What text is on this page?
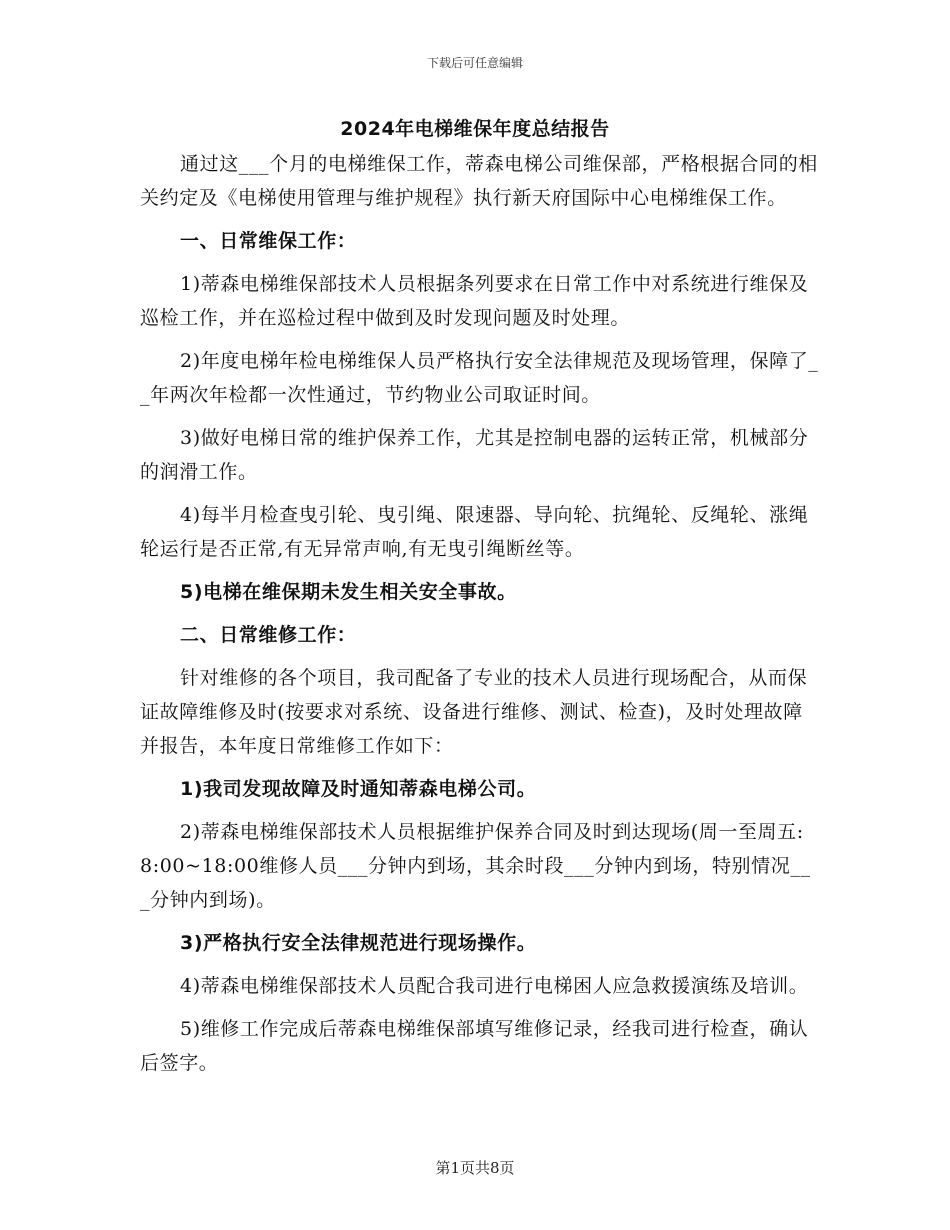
下载后可任意编辑
2024年电梯维保年度总结报告

通过这___个月的电梯维保工作，蒂森电梯公司维保部，严格根据合同的相关约定及《电梯使用管理与维护规程》执行新天府国际中心电梯维保工作。

一、日常维保工作：

1)蒂森电梯维保部技术人员根据条列要求在日常工作中对系统进行维保及巡检工作，并在巡检过程中做到及时发现问题及时处理。

2)年度电梯年检电梯维保人员严格执行安全法律规范及现场管理，保障了__年两次年检都一次性通过，节约物业公司取证时间。

3)做好电梯日常的维护保养工作，尤其是控制电器的运转正常，机械部分的润滑工作。

4)每半月检查曳引轮、曳引绳、限速器、导向轮、抗绳轮、反绳轮、涨绳轮运行是否正常,有无异常声响,有无曳引绳断丝等。

5)电梯在维保期未发生相关安全事故。

二、日常维修工作：

针对维修的各个项目，我司配备了专业的技术人员进行现场配合，从而保证故障维修及时(按要求对系统、设备进行维修、测试、检查)，及时处理故障并报告，本年度日常维修工作如下：

1)我司发现故障及时通知蒂森电梯公司。

2)蒂森电梯维保部技术人员根据维护保养合同及时到达现场(周一至周五:8:00~18:00维修人员___分钟内到场，其余时段___分钟内到场，特别情况___分钟内到场)。

3)严格执行安全法律规范进行现场操作。

4)蒂森电梯维保部技术人员配合我司进行电梯困人应急救援演练及培训。

5)维修工作完成后蒂森电梯维保部填写维修记录，经我司进行检查，确认后签字。

第1页共8页
